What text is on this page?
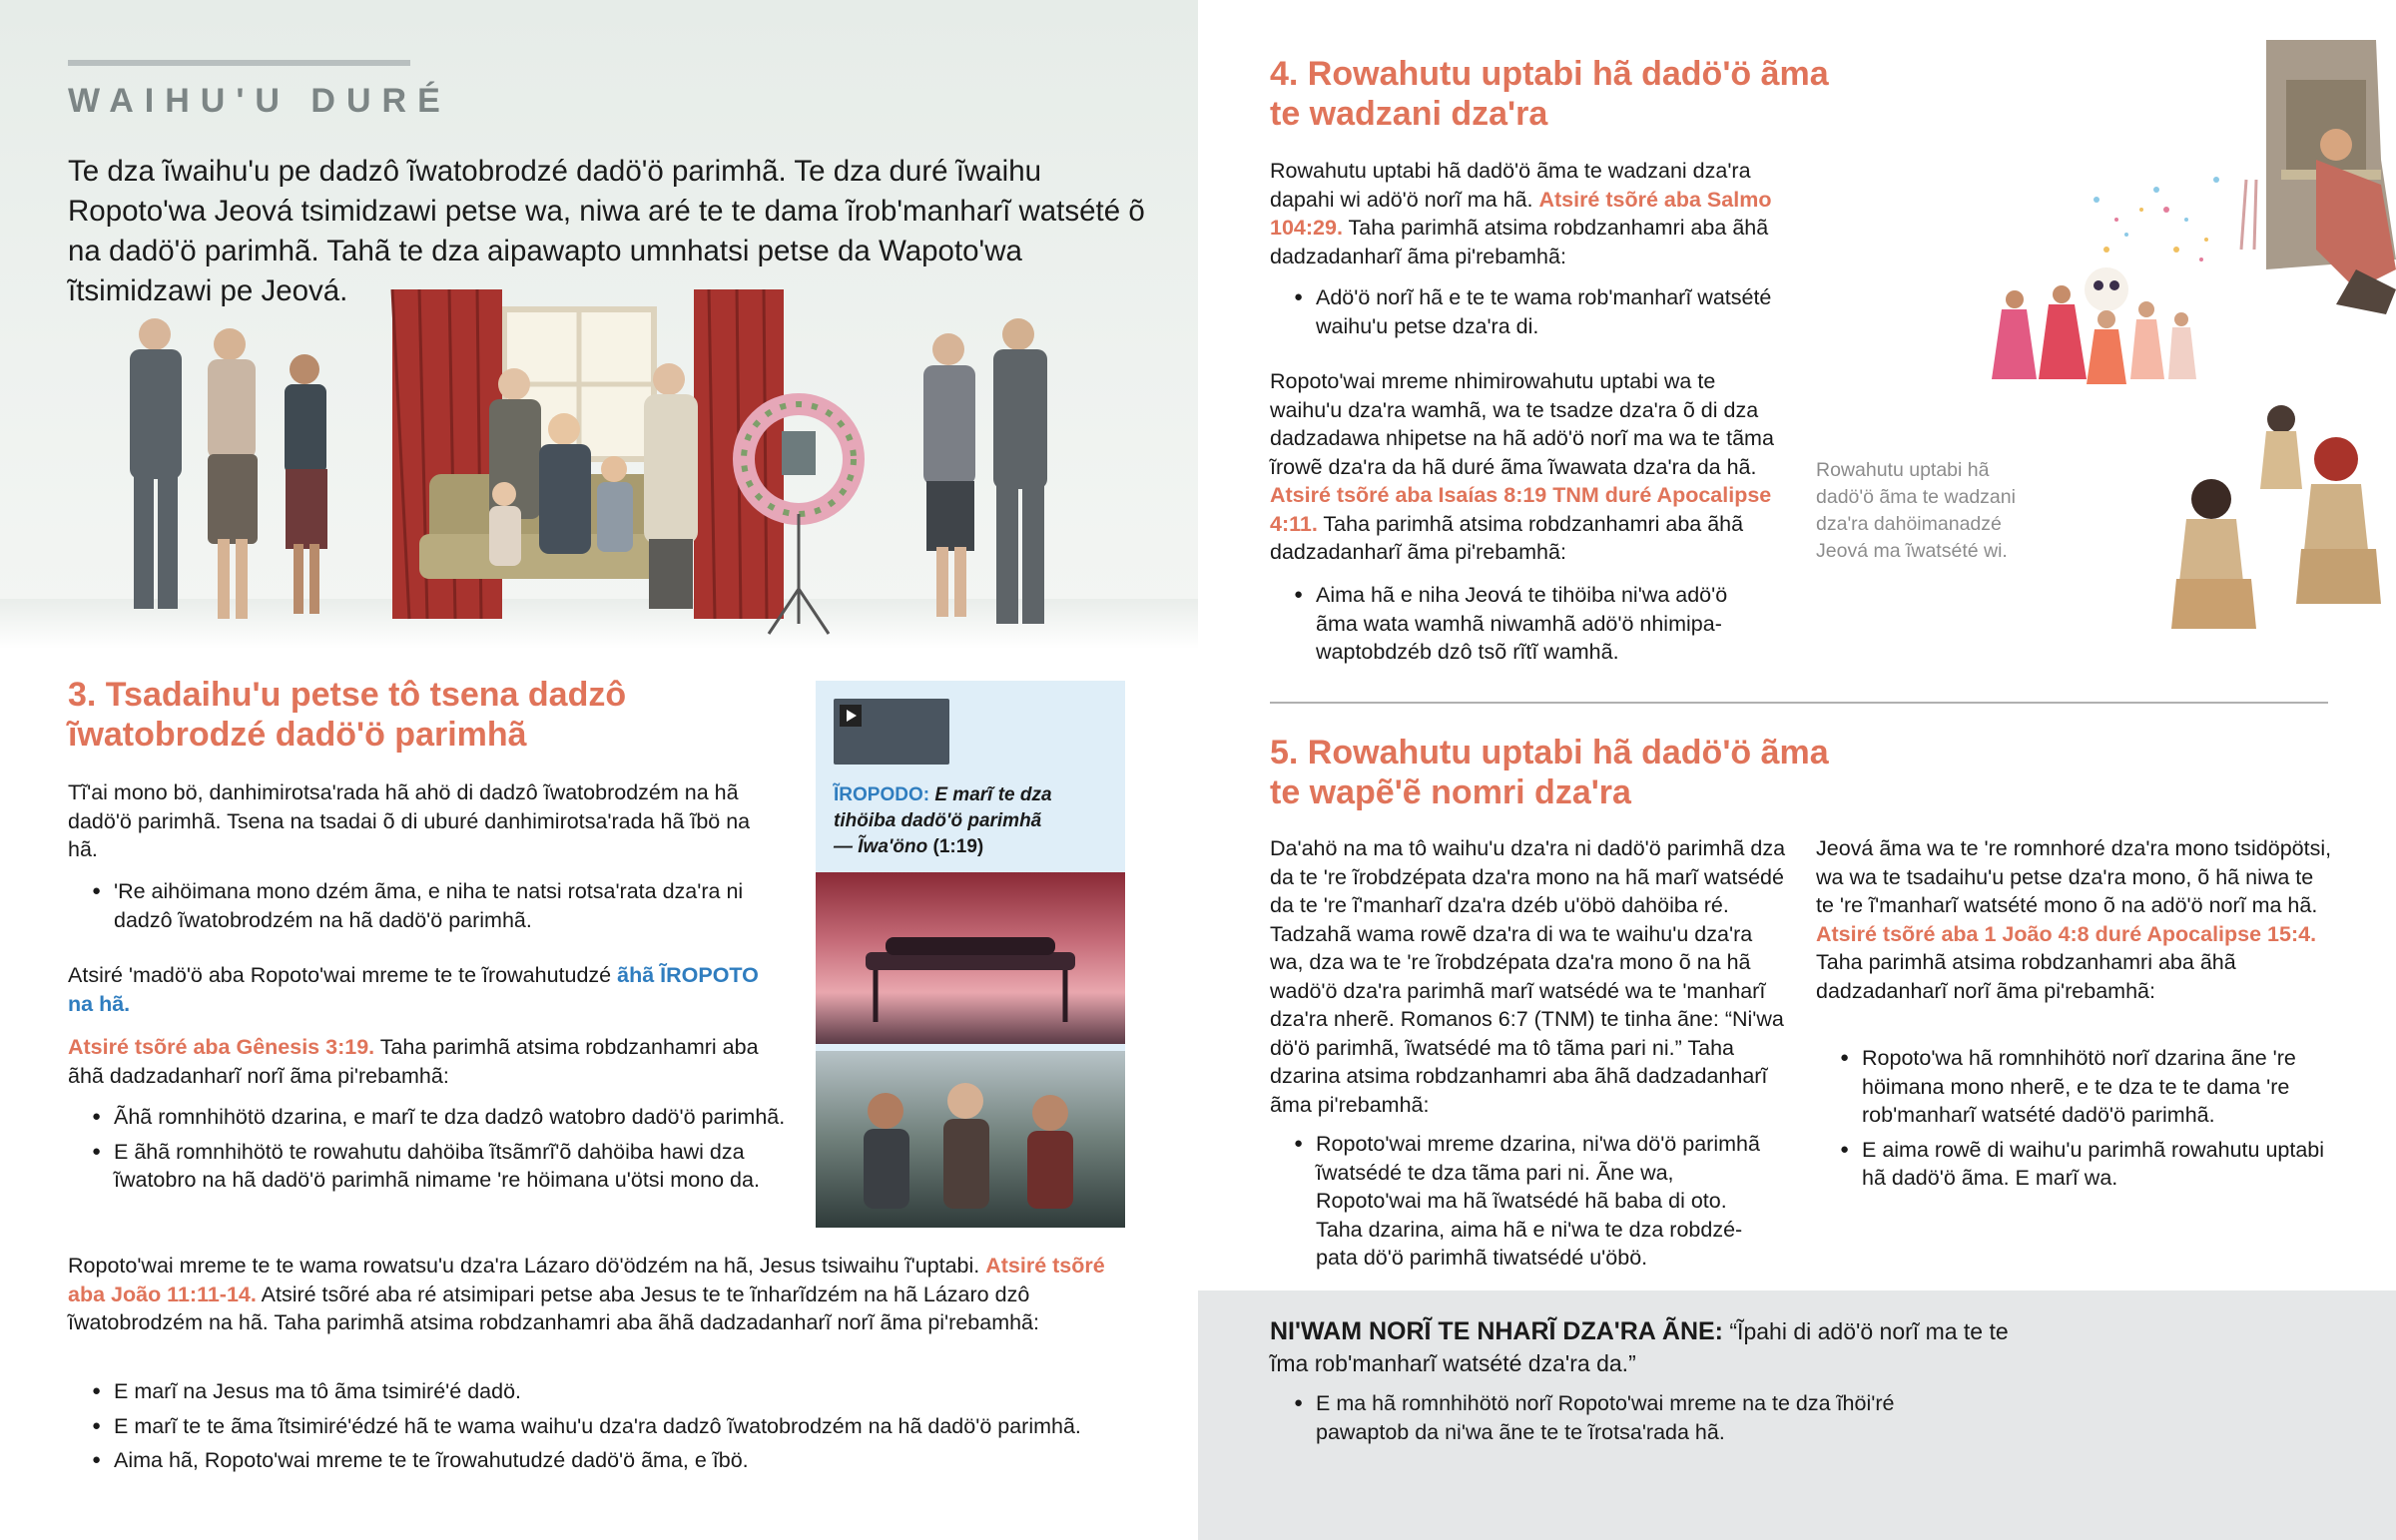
WAIHU'U DURÉ
Te dza ĩwaihu'u pe dadzô ĩwatobrodzé dadö'ö parimhã. Te dza duré ĩwaihu Ropoto'wa Jeová tsimidzawi petse wa, niwa aré te te dama ĩrob'manharĩ watsété õ na dadö'ö parimhã. Tahã te dza aipawapto umnhatsi petse da Wapoto'wa ĩtsimidzawi pe Jeová.
3. Tsadaihu'u petse tô tsena dadzô ĩwatobrodzé dadö'ö parimhã
Tĩ'ai mono bö, danhimirotsa'rada hã ahö di dadzô ĩwatobrodzém na hã dadö'ö parimhã. Tsena na tsadai õ di uburé danhimirotsa'rada hã ĩbö na hã.
● 'Re aihöimana mono dzém ãma, e niha te natsi rotsa'rata dza'ra ni dadzô ĩwatobrodzém na hã dadö'ö parimhã.
Atsiré 'madö'ö aba Ropoto'wai mreme te te ĩrowahutudzé ãhã ĨROPOTO na hã.
Atsiré tsõré aba Gênesis 3:19. Taha parimhã atsima robdzanhamri aba ãhã dadzadanharĩ norĩ ãma pi'rebamhã:
● Ãhã romnhihötö dzarina, e marĩ te dza dadzô watobro dadö'ö parimhã.
● E ãhã romnhihötö te rowahutu dahöiba ĩtsãmrĩ'õ dahöiba hawi dza ĩwatobro na hã dadö'ö parimhã nimame 're höimana u'ötsi mono da.
Ropoto'wai mreme te te wama rowatsu'u dza'ra Lázaro dö'ödzém na hã, Jesus tsiwaihu ĩ'uptabi. Atsiré tsõré aba João 11:11-14. Atsiré tsõré aba ré atsimipari petse aba Jesus te te ĩnharĩdzém na hã Lázaro dzô ĩwatobrodzém na hã. Taha parimhã atsima robdzanhamri aba ãhã dadzadanharĩ norĩ ãma pi'rebamhã:
● E marĩ na Jesus ma tô ãma tsimiré'é dadö.
● E marĩ te te ãma ĩtsimiré'édzé hã te wama waihu'u dza'ra dadzô ĩwatobrodzém na hã dadö'ö parimhã.
● Aima hã, Ropoto'wai mreme te te ĩrowahutudzé dadö'ö ãma, e ĩbö.
ĨROPODO: E marĩ te dza tihöiba dadö'ö parimhã
— Ĩwa'öno (1:19)
4. Rowahutu uptabi hã dadö'ö ãma te wadzani dza'ra
Rowahutu uptabi hã dadö'ö ãma te wadzani dza'ra dapahi wi adö'ö norĩ ma hã. Atsiré tsõré aba Salmo 104:29. Taha parimhã atsima robdzanhamri aba ãhã dadzadanharĩ ãma pi'rebamhã:
● Adö'ö norĩ hã e te te wama rob'manharĩ watsété waihu'u petse dza'ra di.
Ropoto'wai mreme nhimirowahutu uptabi wa te waihu'u dza'ra wamhã, wa te tsadze dza'ra õ di dza dadzadawa nhipetse na hã adö'ö norĩ ma wa te tãma ĩrowẽ dza'ra da hã duré ãma ĩwawata dza'ra da hã. Atsiré tsõré aba Isaías 8:19 TNM duré Apocalipse 4:11. Taha parimhã atsima robdzanhamri aba ãhã dadzadanharĩ ãma pi'rebamhã:
● Aima hã e niha Jeová te tihöiba ni'wa adö'ö ãma wata wamhã niwamhã adö'ö nhimipawaptobdzéb dzô tsõ rĩtĩ wamhã.
Rowahutu uptabi hã dadö'ö ãma te wadzani dza'ra dahöimanadzé Jeová ma ĩwatsété wi.
5. Rowahutu uptabi hã dadö'ö ãma te wapẽ'ẽ nomri dza'ra
Da'ahö na ma tô waihu'u dza'ra ni dadö'ö parimhã dza da te 're ĩrobdzépata dza'ra mono na hã marĩ watsédé da te 're ĩ'manharĩ dza'ra dzéb u'öbö dahöiba ré. Tadzahã wama rowẽ dza'ra di wa te waihu'u dza'ra wa, dza wa te 're ĩrobdzépata dza'ra mono õ na hã wadö'ö dza'ra parimhã marĩ watsédé wa te 'manharĩ dza'ra nherẽ. Romanos 6:7 (TNM) te tinha ãne: “Ni'wa dö'ö parimhã, ĩwatsédé ma tô tãma pari ni.” Taha dzarina atsima robdzanhamri aba ãhã dadzadanharĩ ãma pi'rebamhã:
● Ropoto'wai mreme dzarina, ni'wa dö'ö parimhã ĩwatsédé te dza tãma pari ni. Ãne wa, Ropoto'wai ma hã ĩwatsédé hã baba di oto. Taha dzarina, aima hã e ni'wa te dza robdzépata dö'ö parimhã tiwatsédé u'öbö.
Jeová ãma wa te 're romnhoré dza'ra mono tsidöpötsi, wa wa te tsadaihu'u petse dza'ra mono, õ hã niwa te te 're ĩ'manharĩ watsété mono õ na adö'ö norĩ ma hã. Atsiré tsõré aba 1 João 4:8 duré Apocalipse 15:4. Taha parimhã atsima robdzanhamri aba ãhã dadzadanharĩ norĩ ãma pi'rebamhã:
● Ropoto'wa hã romnhihötö norĩ dzarina ãne 're höimana mono nherẽ, e te dza te te dama 're rob'manharĩ watsété dadö'ö parimhã.
● E aima rowẽ di waihu'u parimhã rowahutu uptabi hã dadö'ö ãma. E marĩ wa.
NI'WAM NORĨ TE NHARĨ DZA'RA ÃNE: “Ĩpahi di adö'ö norĩ ma te te ĩma rob'manharĩ watsété dza'ra da.”
● E ma hã romnhihötö norĩ Ropoto'wai mreme na te dza ĩhöi'ré pawaptob da ni'wa ãne te te ĩrotsa'rada hã.
